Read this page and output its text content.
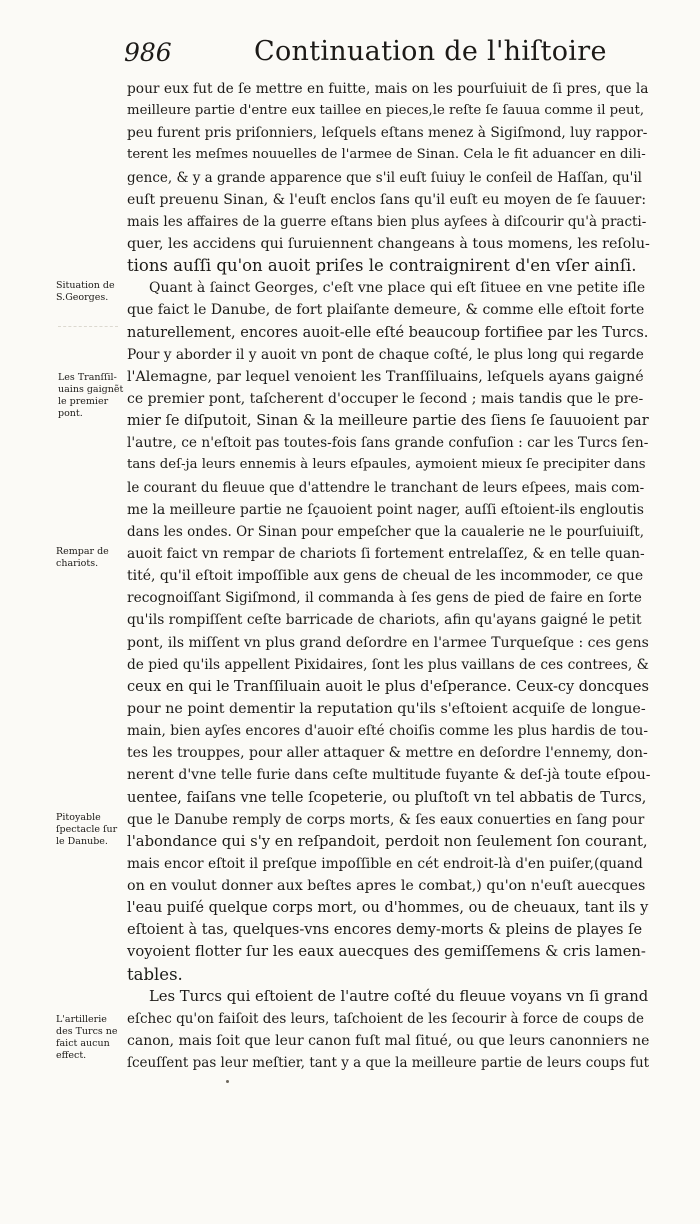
986	Continuation de l'hiſtoire
pour eux fut de ſe mettre en fuitte, mais on les pourſuiuit de ſi pres, que la
meilleure partie d'entre eux taillee en pieces,le reſte ſe ſauua comme il peut,
peu furent pris priſonniers, leſquels eſtans menez à Sigiſmond, luy rappor-
terent les meſmes nouuelles de l'armee de Sinan. Cela le fit aduancer en dili-
gence, & y a grande apparence que s'il euſt ſuiuy le conſeil de Haſſan, qu'il
euſt preuenu Sinan, & l'euſt enclos ſans qu'il euſt eu moyen de ſe ſauuer:
mais les affaires de la guerre eſtans bien plus ayſees à diſcourir qu'à practi-
quer, les accidens qui ſuruiennent changeans à tous momens, les reſolu-
tions auſſi qu'on auoit priſes le contraignirent d'en vſer ainſi.
Quant à ſainct Georges, c'eſt vne place qui eſt ſituee en vne petite iſle
que faict le Danube, de fort plaiſante demeure, & comme elle eſtoit forte
naturellement, encores auoit-elle eſté beaucoup fortifiee par les Turcs.
Pour y aborder il y auoit vn pont de chaque coſté, le plus long qui regarde
l'Alemagne, par lequel venoient les Tranſſiluains, leſquels ayans gaigné
ce premier pont, taſcherent d'occuper le ſecond ; mais tandis que le pre-
mier ſe diſputoit, Sinan & la meilleure partie des ſiens ſe ſauuoient par
l'autre, ce n'eſtoit pas toutes-fois ſans grande confuſion : car les Turcs ſen-
tans deſ-ja leurs ennemis à leurs eſpaules, aymoient mieux ſe precipiter dans
le courant du fleuue que d'attendre le tranchant de leurs eſpees, mais com-
me la meilleure partie ne ſçauoient point nager, auſſi eſtoient-ils engloutis
dans les ondes. Or Sinan pour empeſcher que la caualerie ne le pourſuiuiſt,
auoit faict vn rempar de chariots ſi fortement entrelaſſez, & en telle quan-
tité, qu'il eſtoit impoſſible aux gens de cheual de les incommoder, ce que
recognoiſſant Sigiſmond, il commanda à ſes gens de pied de faire en ſorte
qu'ils rompiſſent ceſte barricade de chariots, afin qu'ayans gaigné le petit
pont, ils miſſent vn plus grand deſordre en l'armee Turqueſque : ces gens
de pied qu'ils appellent Pixidaires, ſont les plus vaillans de ces contrees, &
ceux en qui le Tranſſiluain auoit le plus d'eſperance. Ceux-cy doncques
pour ne point dementir la reputation qu'ils s'eſtoient acquiſe de longue-
main, bien ayſes encores d'auoir eſté choiſis comme les plus hardis de tou-
tes les trouppes, pour aller attaquer & mettre en deſordre l'ennemy, don-
nerent d'vne telle furie dans ceſte multitude fuyante & deſ-jà toute eſpou-
uentee, faiſans vne telle ſcopeterie, ou pluſtoſt vn tel abbatis de Turcs,
que le Danube remply de corps morts, & ſes eaux conuerties en ſang pour
l'abondance qui s'y en reſpandoit, perdoit non ſeulement ſon courant,
mais encor eſtoit il preſque impoſſible en cét endroit-là d'en puiſer,(quand
on en voulut donner aux beſtes apres le combat,) qu'on n'euſt auecques
l'eau puiſé quelque corps mort, ou d'hommes, ou de cheuaux, tant ils y
eſtoient à tas, quelques-vns encores demy-morts & pleins de playes ſe
voyoient flotter ſur les eaux auecques des gemiſſemens & cris lamen-
tables.
Les Turcs qui eſtoient de l'autre coſté du fleuue voyans vn ſi grand
eſchec qu'on faiſoit des leurs, taſchoient de les ſecourir à force de coups de
canon, mais ſoit que leur canon fuſt mal ſitué, ou que leurs canonniers ne
ſceuſſent pas leur meſtier, tant y a que la meilleure partie de leurs coups fut
Situation de
S.Georges.
Les Tranſſil-
uains gaignẽt
le premier
pont.
Rempar de
chariots.
Pitoyable
ſpectacle ſur
le Danube.
L'artillerie
des Turcs ne
faict aucun
effect.
